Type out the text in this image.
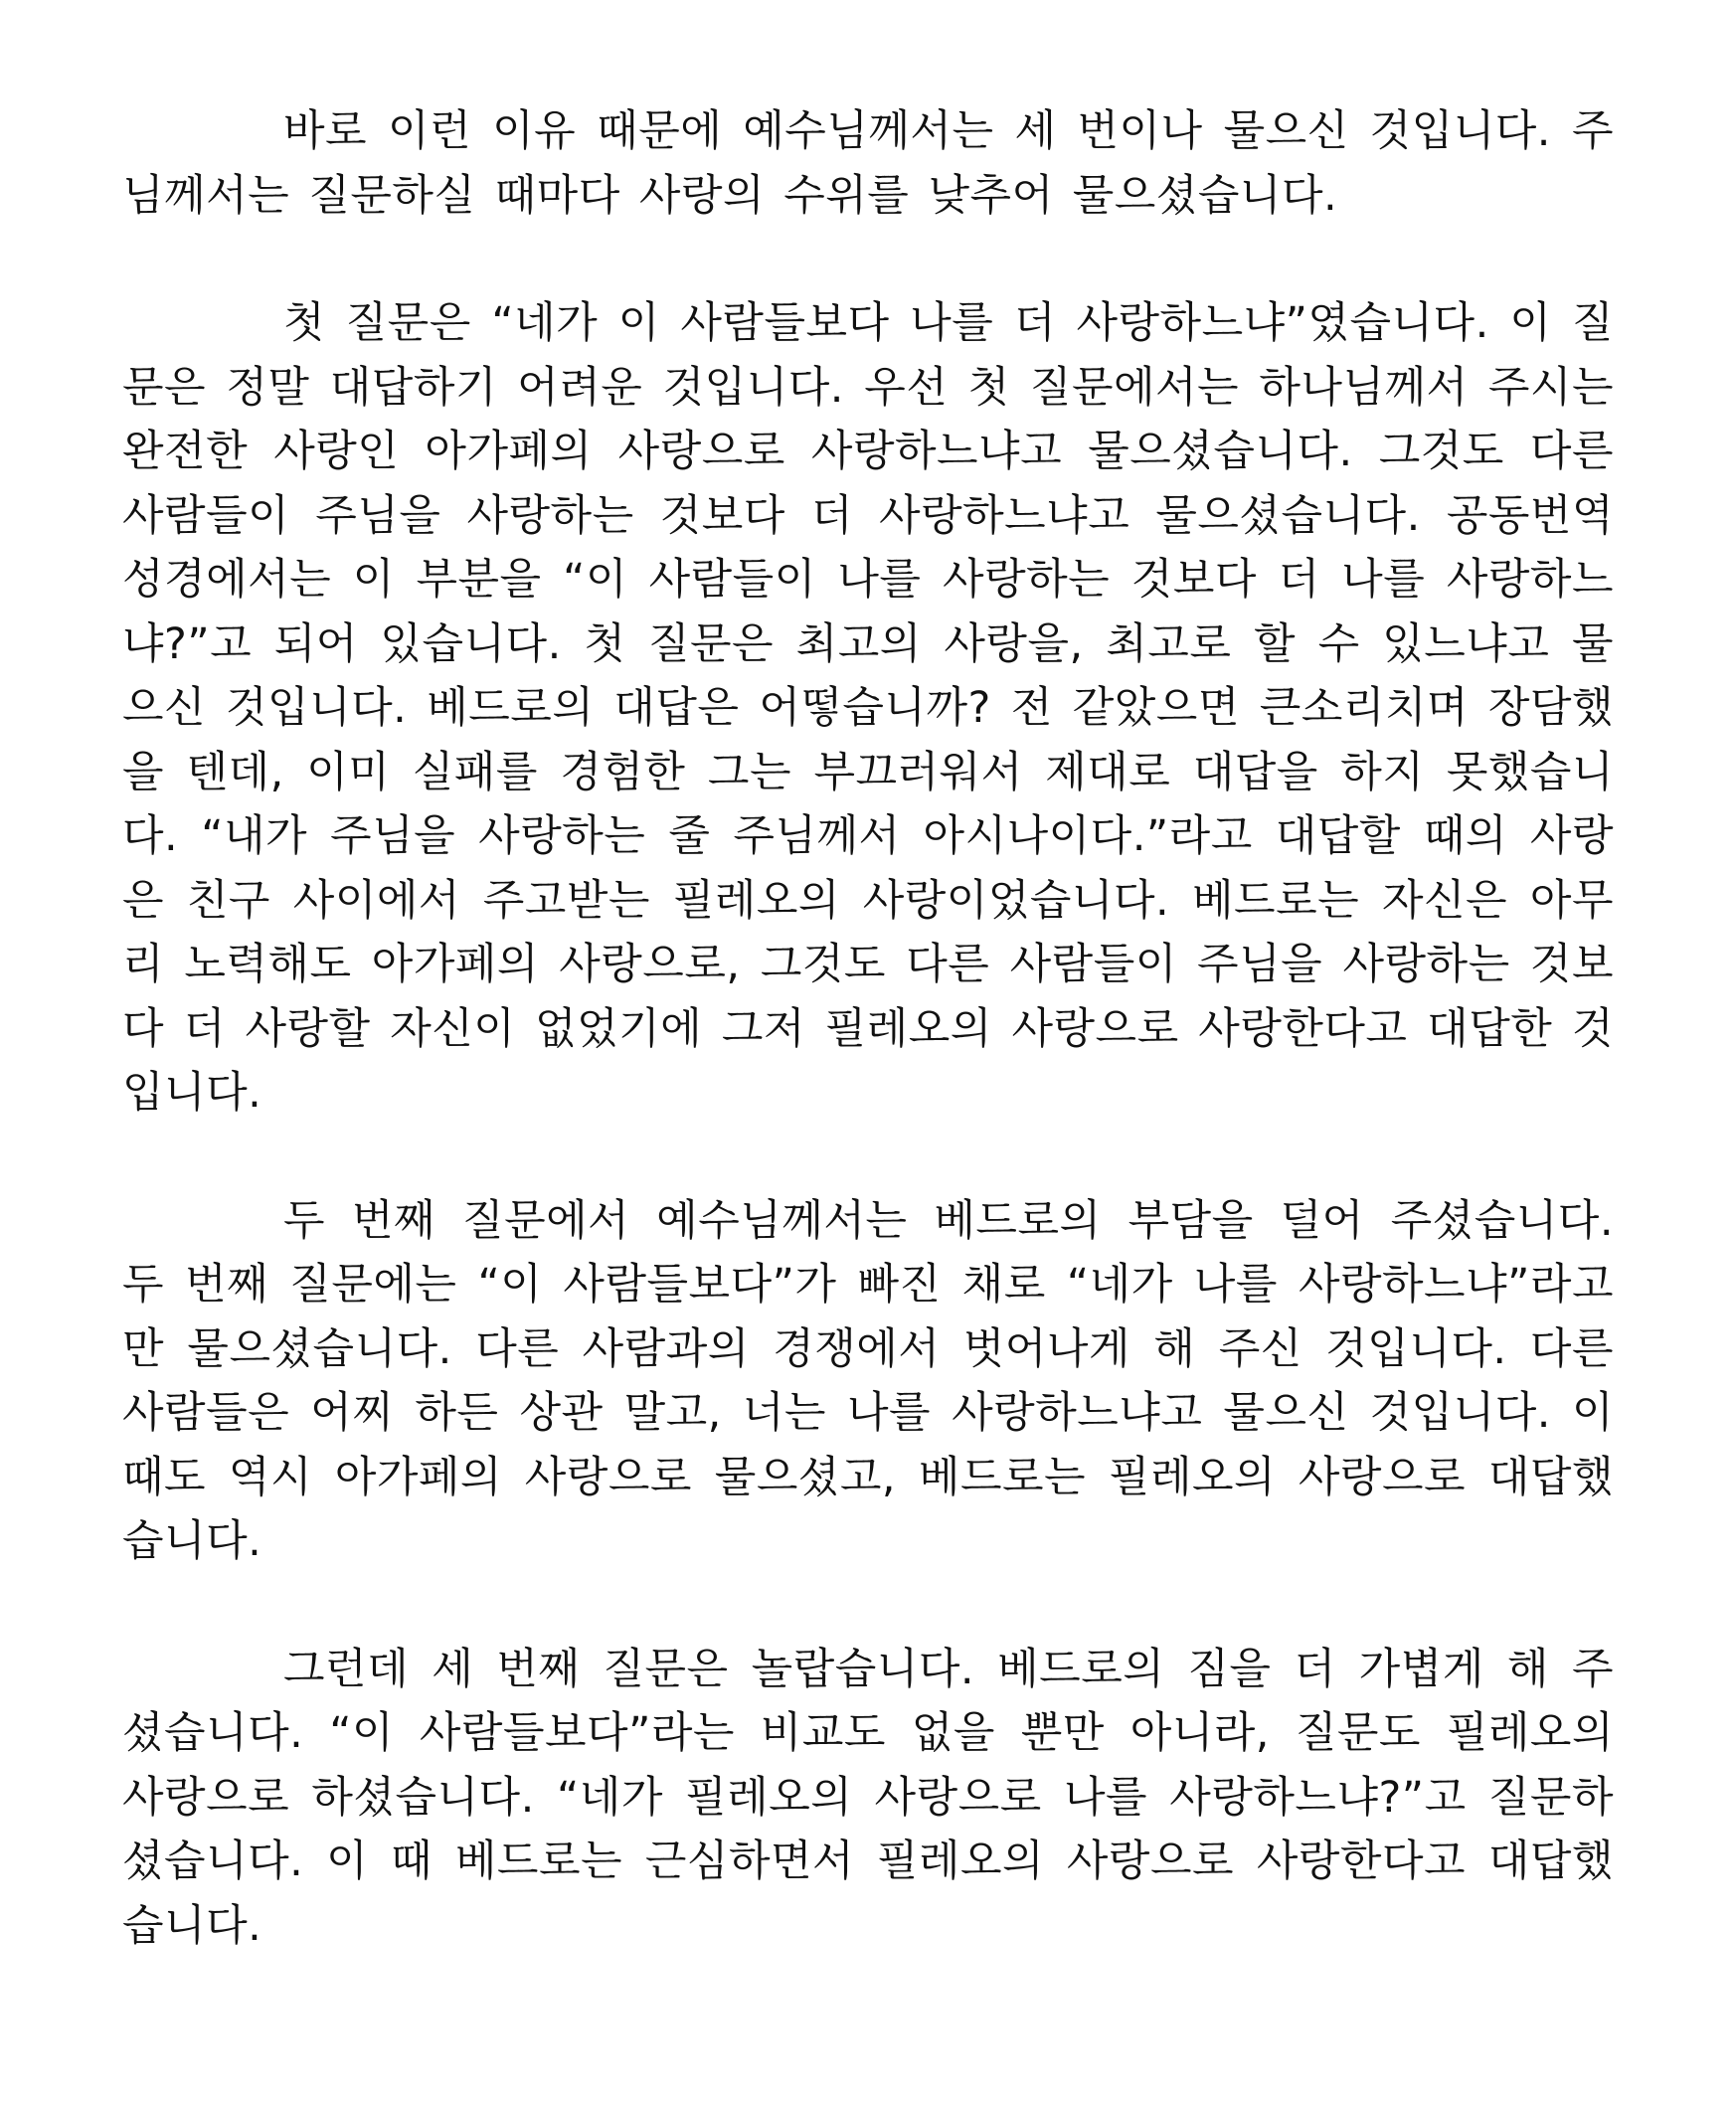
바로 이런 이유 때문에 예수님께서는 세 번이나 물으신 것입니다. 주님께서는 질문하실 때마다 사랑의 수위를 낮추어 물으셨습니다.

첫 질문은 “네가 이 사람들보다 나를 더 사랑하느냐”였습니다. 이 질문은 정말 대답하기 어려운 것입니다. 우선 첫 질문에서는 하나님께서 주시는 완전한 사랑인 아가페의 사랑으로 사랑하느냐고 물으셨습니다. 그것도 다른 사람들이 주님을 사랑하는 것보다 더 사랑하느냐고 물으셨습니다. 공동번역 성경에서는 이 부분을 “이 사람들이 나를 사랑하는 것보다 더 나를 사랑하느냐?”고 되어 있습니다. 첫 질문은 최고의 사랑을, 최고로 할 수 있느냐고 물으신 것입니다. 베드로의 대답은 어떻습니까? 전 같았으면 큰소리치며 장담했을 텐데, 이미 실패를 경험한 그는 부끄러워서 제대로 대답을 하지 못했습니다. “내가 주님을 사랑하는 줄 주님께서 아시나이다.”라고 대답할 때의 사랑은 친구 사이에서 주고받는 필레오의 사랑이었습니다. 베드로는 자신은 아무리 노력해도 아가페의 사랑으로, 그것도 다른 사람들이 주님을 사랑하는 것보다 더 사랑할 자신이 없었기에 그저 필레오의 사랑으로 사랑한다고 대답한 것입니다.

두 번째 질문에서 예수님께서는 베드로의 부담을 덜어 주셨습니다. 두 번째 질문에는 “이 사람들보다”가 빠진 채로 “네가 나를 사랑하느냐”라고만 물으셨습니다. 다른 사람과의 경쟁에서 벗어나게 해 주신 것입니다. 다른 사람들은 어찌 하든 상관 말고, 너는 나를 사랑하느냐고 물으신 것입니다. 이때도 역시 아가페의 사랑으로 물으셨고, 베드로는 필레오의 사랑으로 대답했습니다.

그런데 세 번째 질문은 놀랍습니다. 베드로의 짐을 더 가볍게 해 주셨습니다. “이 사람들보다”라는 비교도 없을 뿐만 아니라, 질문도 필레오의 사랑으로 하셨습니다. “네가 필레오의 사랑으로 나를 사랑하느냐?”고 질문하셨습니다. 이 때 베드로는 근심하면서 필레오의 사랑으로 사랑한다고 대답했습니다.
